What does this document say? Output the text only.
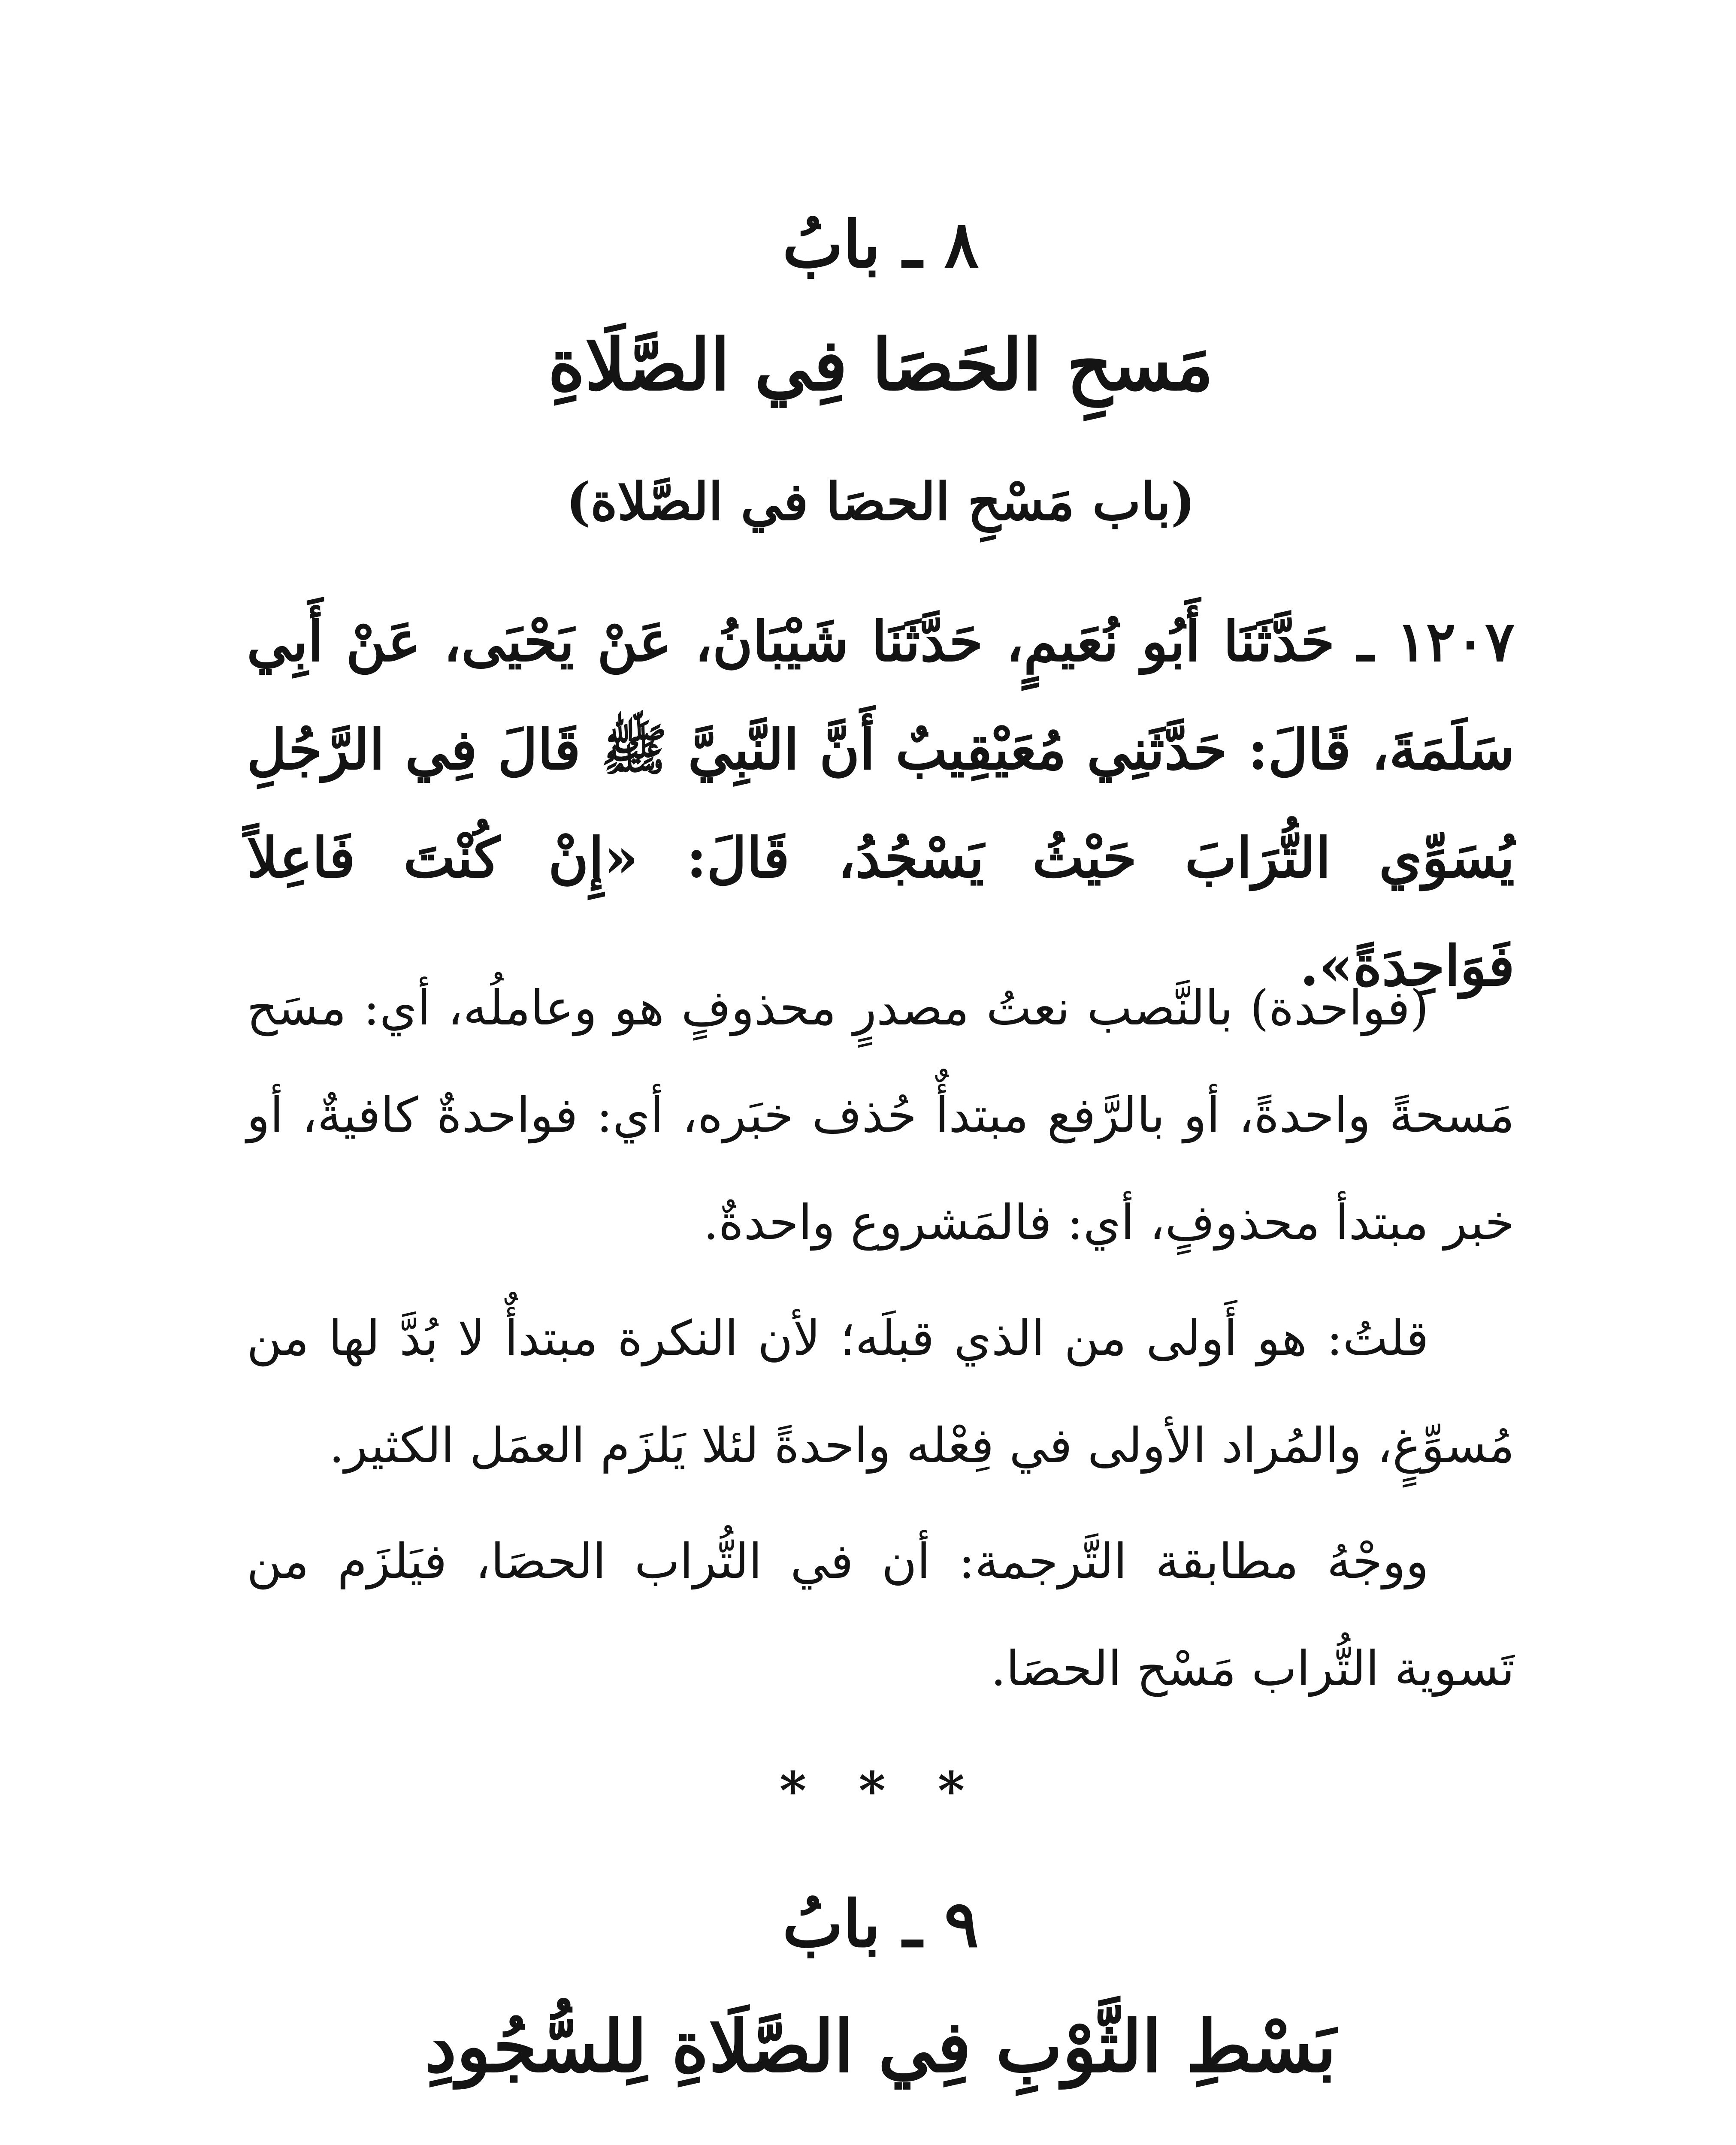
٨ ـ بابُ
مَسحِ الحَصَا فِي الصَّلَاةِ
(باب مَسْحِ الحصَا في الصَّلاة)
١٢٠٧ ـ حَدَّثَنَا أَبُو نُعَيمٍ، حَدَّثَنَا شَيْبَانُ، عَنْ يَحْيَى، عَنْ أَبِي سَلَمَةَ، قَالَ: حَدَّثَنِي مُعَيْقِيبٌ أَنَّ النَّبِيَّ ﷺ قَالَ فِي الرَّجُلِ يُسَوِّي التُّرَابَ حَيْثُ يَسْجُدُ، قَالَ: «إِنْ كُنْتَ فَاعِلاً فَوَاحِدَةً».

(فواحدة) بالنَّصب نعتُ مصدرٍ محذوفٍ هو وعاملُه، أي: مسَح مَسحةً واحدةً، أو بالرَّفع مبتدأٌ حُذف خبَره، أي: فواحدةٌ كافيةٌ، أو خبر مبتدأ محذوفٍ، أي: فالمَشروع واحدةٌ.

قلتُ: هو أَولى من الذي قبلَه؛ لأن النكرة مبتدأٌ لا بُدَّ لها من مُسوِّغٍ، والمُراد الأولى في فِعْله واحدةً لئلا يَلزَم العمَل الكثير.

ووجْهُ مطابقة التَّرجمة: أن في التُّراب الحصَا، فيَلزَم من تَسوية التُّراب مَسْح الحصَا.

* * *
٩ ـ بابُ
بَسْطِ الثَّوْبِ فِي الصَّلَاةِ لِلسُّجُودِ
